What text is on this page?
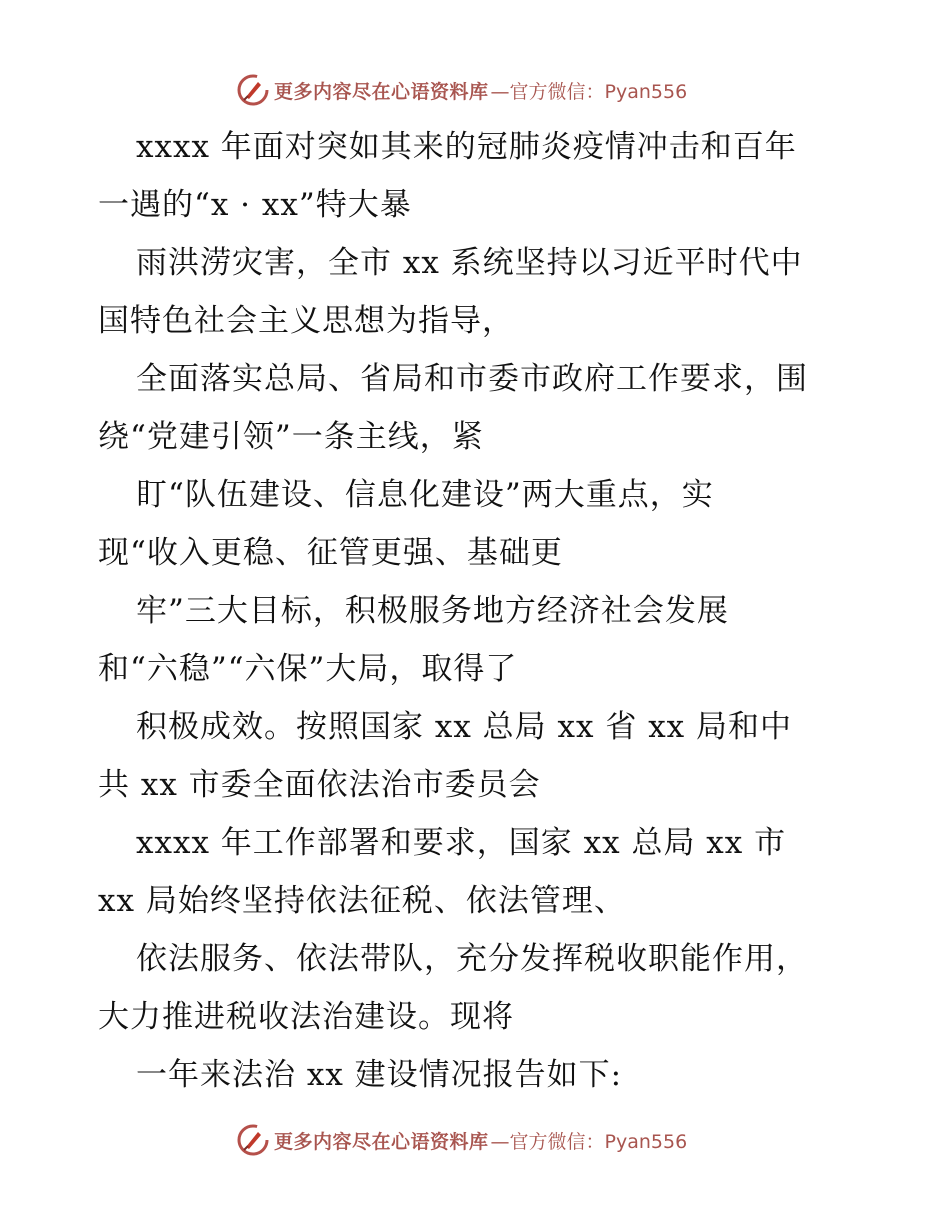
更多内容尽在心语资料库 —官方微信：Pyan556
xxxx 年面对突如其来的冠肺炎疫情冲击和百年
一遇的“x · xx”特大暴
雨洪涝灾害，全市 xx 系统坚持以习近平时代中
国特色社会主义思想为指导，
全面落实总局、省局和市委市政府工作要求，围
绕“党建引领”一条主线，紧
盯“队伍建设、信息化建设”两大重点，实
现“收入更稳、征管更强、基础更
牢”三大目标，积极服务地方经济社会发展
和“六稳”“六保”大局，取得了
积极成效。按照国家 xx 总局 xx 省 xx 局和中
共 xx 市委全面依法治市委员会
xxxx 年工作部署和要求，国家 xx 总局 xx 市
xx 局始终坚持依法征税、依法管理、
依法服务、依法带队，充分发挥税收职能作用，
大力推进税收法治建设。现将
一年来法治 xx 建设情况报告如下:
更多内容尽在心语资料库 —官方微信：Pyan556
